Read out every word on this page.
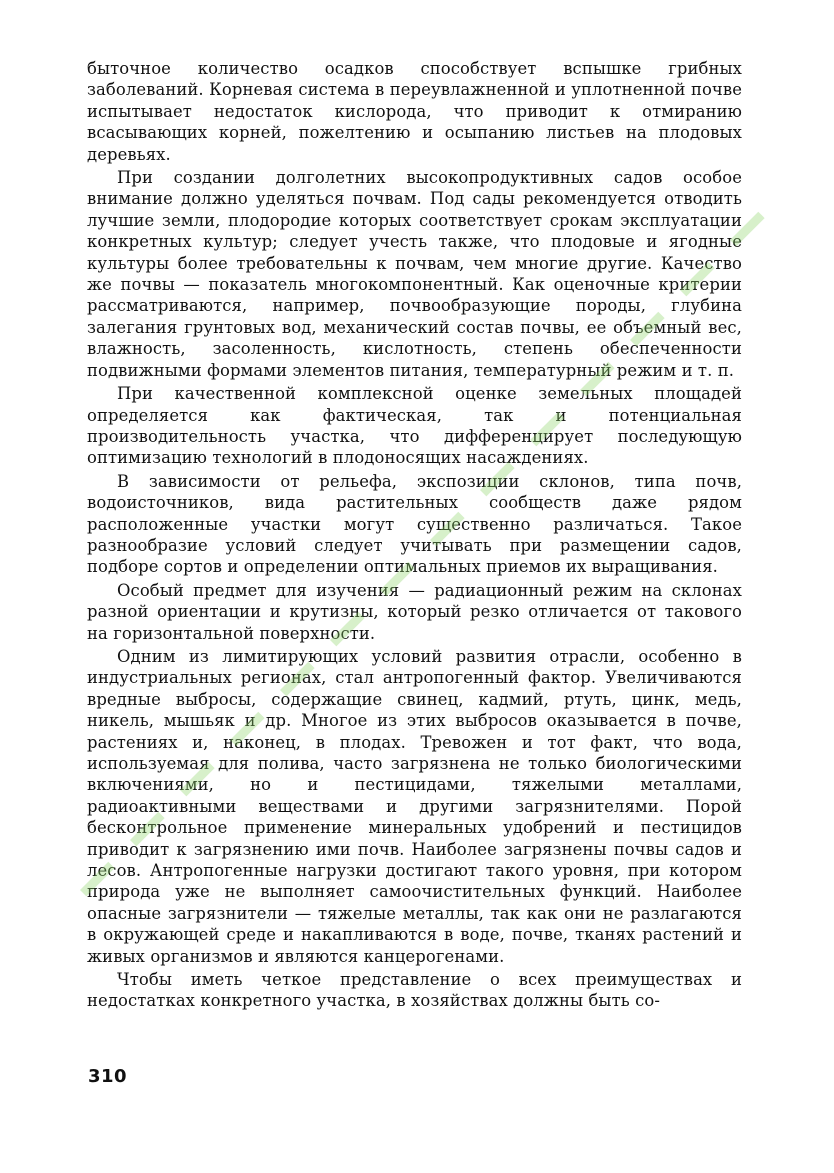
быточное количество осадков способствует вспышке грибных заболеваний. Корневая система в переувлажненной и уплотненной почве испытывает недостаток кислорода, что приводит к отмиранию всасывающих корней, пожелтению и осыпанию листьев на плодовых деревьях.

При создании долголетних высокопродуктивных садов особое внимание должно уделяться почвам. Под сады рекомендуется отводить лучшие земли, плодородие которых соответствует срокам эксплуатации конкретных культур; следует учесть также, что плодовые и ягодные культуры более требовательны к почвам, чем многие другие. Качество же почвы — показатель многокомпонентный. Как оценочные критерии рассматриваются, например, почвообразующие породы, глубина залегания грунтовых вод, механический состав почвы, ее объемный вес, влажность, засоленность, кислотность, степень обеспеченности подвижными формами элементов питания, температурный режим и т. п.

При качественной комплексной оценке земельных площадей определяется как фактическая, так и потенциальная производительность участка, что дифференцирует последующую оптимизацию технологий в плодоносящих насаждениях.

В зависимости от рельефа, экспозиции склонов, типа почв, водоисточников, вида растительных сообществ даже рядом расположенные участки могут существенно различаться. Такое разнообразие условий следует учитывать при размещении садов, подборе сортов и определении оптимальных приемов их выращивания.

Особый предмет для изучения — радиационный режим на склонах разной ориентации и крутизны, который резко отличается от такового на горизонтальной поверхности.

Одним из лимитирующих условий развития отрасли, особенно в индустриальных регионах, стал антропогенный фактор. Увеличиваются вредные выбросы, содержащие свинец, кадмий, ртуть, цинк, медь, никель, мышьяк и др. Многое из этих выбросов оказывается в почве, растениях и, наконец, в плодах. Тревожен и тот факт, что вода, используемая для полива, часто загрязнена не только биологическими включениями, но и пестицидами, тяжелыми металлами, радиоактивными веществами и другими загрязнителями. Порой бесконтрольное применение минеральных удобрений и пестицидов приводит к загрязнению ими почв. Наиболее загрязнены почвы садов и лесов. Антропогенные нагрузки достигают такого уровня, при котором природа уже не выполняет самоочистительных функций. Наиболее опасные загрязнители — тяжелые металлы, так как они не разлагаются в окружающей среде и накапливаются в воде, почве, тканях растений и живых организмов и являются канцерогенами.

Чтобы иметь четкое представление о всех преимуществах и недостатках конкретного участка, в хозяйствах должны быть со-

310
